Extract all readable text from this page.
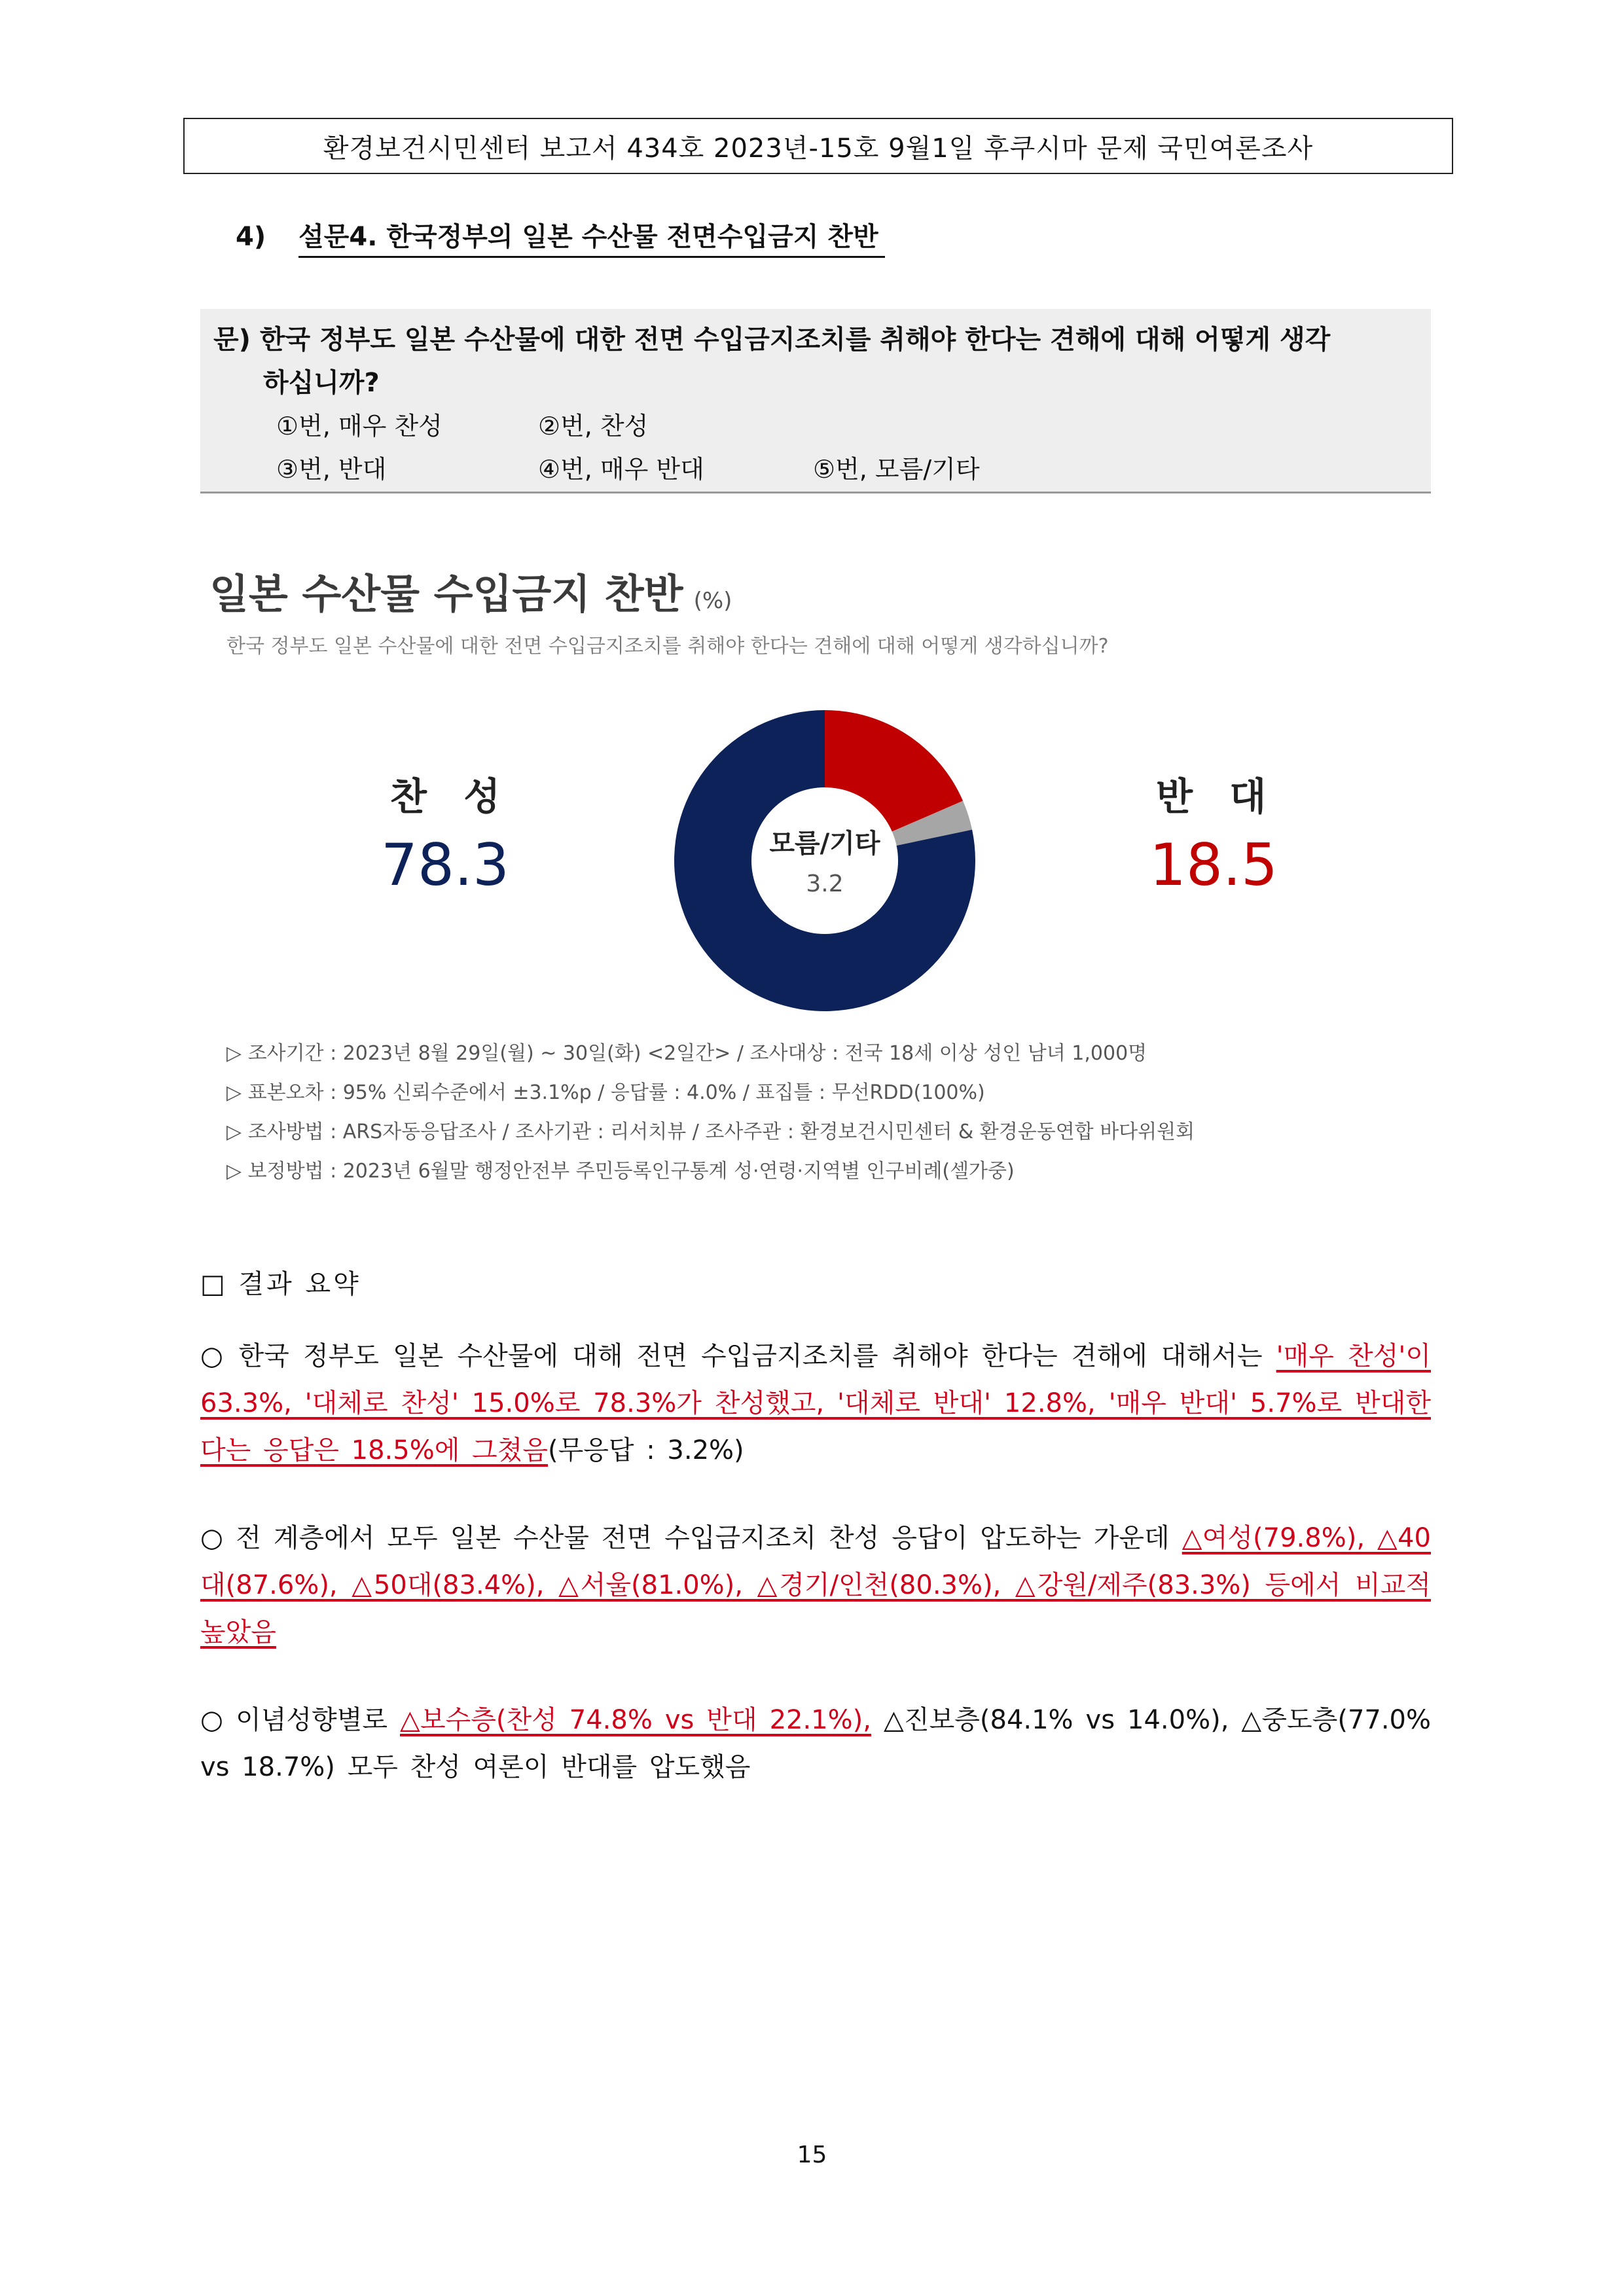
환경보건시민센터 보고서 434호 2023년-15호 9월1일 후쿠시마 문제 국민여론조사
4) 설문4. 한국정부의 일본 수산물 전면수입금지 찬반
문) 한국 정부도 일본 수산물에 대한 전면 수입금지조치를 취해야 한다는 견해에 대해 어떻게 생각
하십니까?
①번, 매우 찬성	②번, 찬성
③번, 반대	④번, 매우 반대	⑤번, 모름/기타
일본 수산물 수입금지 찬반 (%)
한국 정부도 일본 수산물에 대한 전면 수입금지조치를 취해야 한다는 견해에 대해 어떻게 생각하십니까?
찬 성
78.3
반 대
18.5
모름/기타
3.2
▷ 조사기간 : 2023년 8월 29일(월) ~ 30일(화) <2일간> / 조사대상 : 전국 18세 이상 성인 남녀 1,000명
▷ 표본오차 : 95% 신뢰수준에서 ±3.1%p / 응답률 : 4.0% / 표집틀 : 무선RDD(100%)
▷ 조사방법 : ARS자동응답조사 / 조사기관 : 리서치뷰 / 조사주관 : 환경보건시민센터 & 환경운동연합 바다위원회
▷ 보정방법 : 2023년 6월말 행정안전부 주민등록인구통계 성·연령·지역별 인구비례(셀가중)
□ 결과 요약
○ 한국 정부도 일본 수산물에 대해 전면 수입금지조치를 취해야 한다는 견해에 대해서는 '매우 찬성'이 63.3%, '대체로 찬성' 15.0%로 78.3%가 찬성했고, '대체로 반대' 12.8%, '매우 반대' 5.7%로 반대한다는 응답은 18.5%에 그쳤음(무응답 : 3.2%)
○ 전 계층에서 모두 일본 수산물 전면 수입금지조치 찬성 응답이 압도하는 가운데 △여성(79.8%), △40대(87.6%), △50대(83.4%), △서울(81.0%), △경기/인천(80.3%), △강원/제주(83.3%) 등에서 비교적 높았음
○ 이념성향별로 △보수층(찬성 74.8% vs 반대 22.1%), △진보층(84.1% vs 14.0%), △중도층(77.0% vs 18.7%) 모두 찬성 여론이 반대를 압도했음
15
